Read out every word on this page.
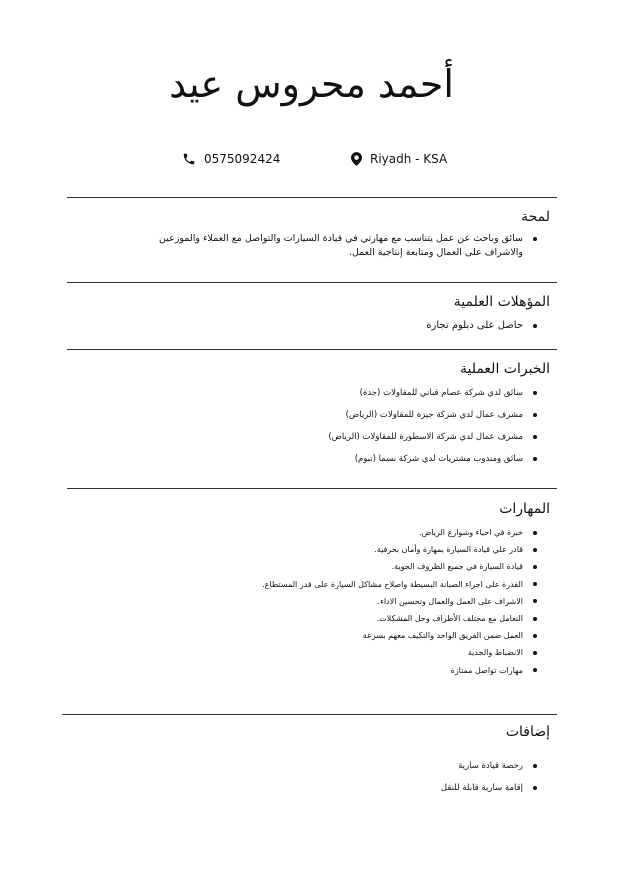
أحمد محروس عيد
0575092424	Riyadh - KSA
لمحة
سائق وباحث عن عمل يتناسب مع مهارتي في قيادة السيارات والتواصل مع العملاء والموزعين والاشراف على العمال ومتابعة إنتاجية العمل.
المؤهلات العلمية
حاصل على دبلوم تجارة
الخبرات العملية
سائق لدي شركة عصام قباني للمقاولات (جدة)
مشرف عمال لدي شركة جيزة للمقاولات (الرياض)
مشرف عمال لدي شركة الاسطورة للمقاولات (الرياض)
سائق ومندوب مشتريات لدي شركة نسما (تبوم)
المهارات
خبرة في احياء وشوارع الرياض.
قادر علي قيادة السيارة بمهارة وأمان بحرفية.
قيادة السيارة في جميع الظروف الجوية.
القدرة على اجراء الصيانة البسيطة واصلاح مشاكل السيارة على قدر المستطاع.
الاشراف على العمل والعمال وتحسين الاداء.
التعامل مع مختلف الأطراف وحل المشكلات.
العمل ضمن الفريق الواحد والتكيف معهم بسرعة
الانضباط والجدية
مهارات تواصل ممتازة
إضافات
رخصة قيادة سارية
إقامة سارية قابلة للنقل
